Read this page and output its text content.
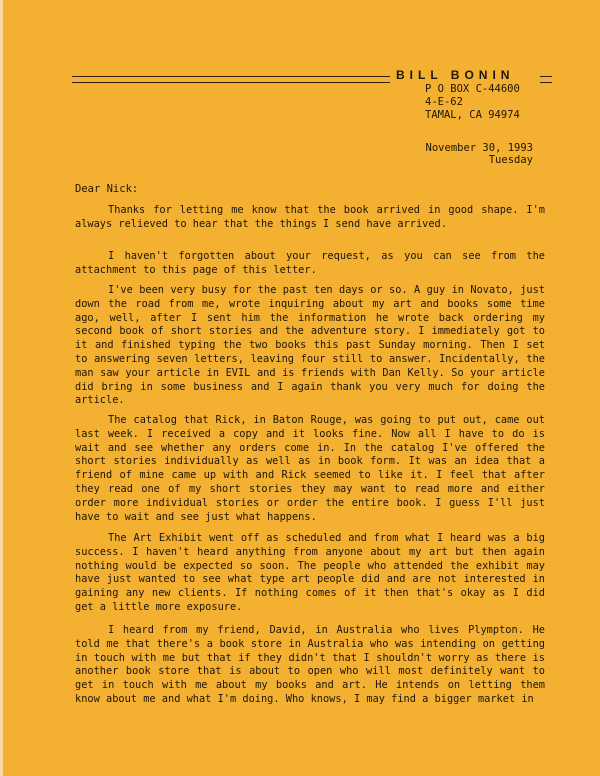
BILL BONIN
P O BOX C-44600
4-E-62
TAMAL, CA 94974
November 30, 1993
Tuesday
Dear Nick:

Thanks for letting me know that the book arrived in good shape. I'm always relieved to hear that the things I send have arrived.

I haven't forgotten about your request, as you can see from the attachment to this page of this letter.

I've been very busy for the past ten days or so. A guy in Novato, just down the road from me, wrote inquiring about my art and books some time ago, well, after I sent him the information he wrote back ordering my second book of short stories and the adventure story. I immediately got to it and finished typing the two books this past Sunday morning. Then I set to answering seven letters, leaving four still to answer. Incidentally, the man saw your article in EVIL and is friends with Dan Kelly. So your article did bring in some business and I again thank you very much for doing the article.

The catalog that Rick, in Baton Rouge, was going to put out, came out last week. I received a copy and it looks fine. Now all I have to do is wait and see whether any orders come in. In the catalog I've offered the short stories individually as well as in book form. It was an idea that a friend of mine came up with and Rick seemed to like it. I feel that after they read one of my short stories they may want to read more and either order more individual stories or order the entire book. I guess I'll just have to wait and see just what happens.

The Art Exhibit went off as scheduled and from what I heard was a big success. I haven't heard anything from anyone about my art but then again nothing would be expected so soon. The people who attended the exhibit may have just wanted to see what type art people did and are not interested in gaining any new clients. If nothing comes of it then that's okay as I did get a little more exposure.

I heard from my friend, David, in Australia who lives Plympton. He told me that there's a book store in Australia who was intending on getting in touch with me but that if they didn't that I shouldn't worry as there is another book store that is about to open who will most definitely want to get in touch with me about my books and art. He intends on letting them know about me and what I'm doing. Who knows, I may find a bigger market in
